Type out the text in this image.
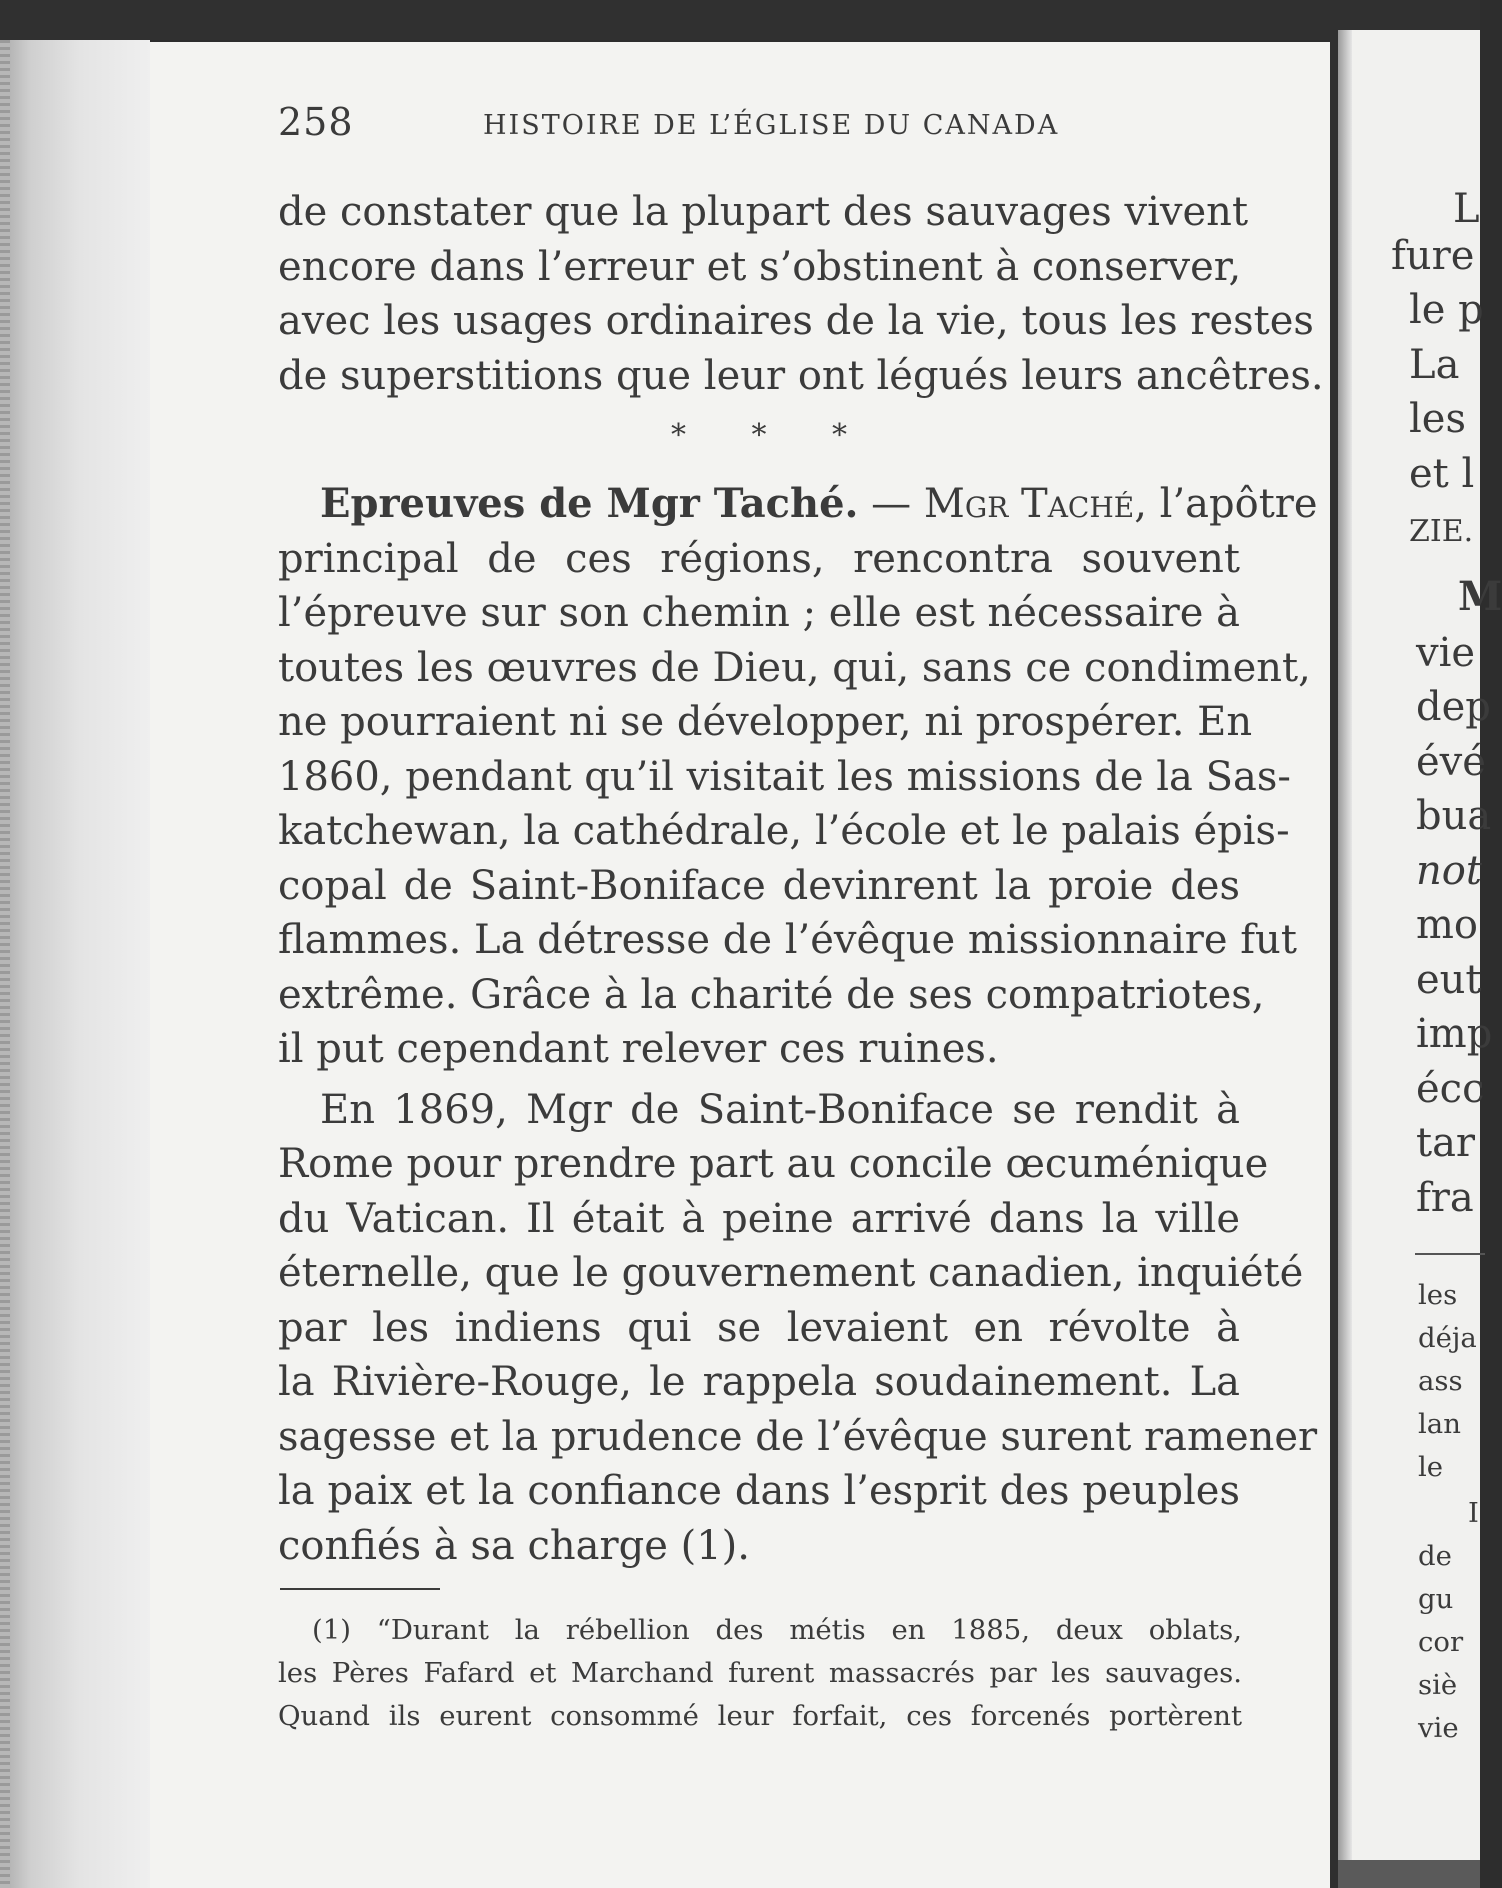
258	HISTOIRE DE L’ÉGLISE DU CANADA
de constater que la plupart des sauvages vivent
encore dans l’erreur et s’obstinent à conserver,
avec les usages ordinaires de la vie, tous les restes
de superstitions que leur ont légués leurs ancêtres.
* * *
Epreuves de Mgr Taché. — Mgr Taché, l’apôtre
principal de ces régions, rencontra souvent
l’épreuve sur son chemin ; elle est nécessaire à
toutes les œuvres de Dieu, qui, sans ce condiment,
ne pourraient ni se développer, ni prospérer. En
1860, pendant qu’il visitait les missions de la Sas-
katchewan, la cathédrale, l’école et le palais épis-
copal de Saint-Boniface devinrent la proie des
flammes. La détresse de l’évêque missionnaire fut
extrême. Grâce à la charité de ses compatriotes,
il put cependant relever ces ruines.
En 1869, Mgr de Saint-Boniface se rendit à
Rome pour prendre part au concile œcuménique
du Vatican. Il était à peine arrivé dans la ville
éternelle, que le gouvernement canadien, inquiété
par les indiens qui se levaient en révolte à
la Rivière-Rouge, le rappela soudainement. La
sagesse et la prudence de l’évêque surent ramener
la paix et la confiance dans l’esprit des peuples
confiés à sa charge (1).
(1) “Durant la rébellion des métis en 1885, deux oblats,
les Pères Fafard et Marchand furent massacrés par les sauvages.
Quand ils eurent consommé leur forfait, ces forcenés portèrent
L
fure
le p
La
les
et l
ZIE.
M
vie
dep
évé
bua
not
mo
eut
imp
écc
tar
fra
les
déja
ass
lan
le
I
de
gu
cor
siè
vie
